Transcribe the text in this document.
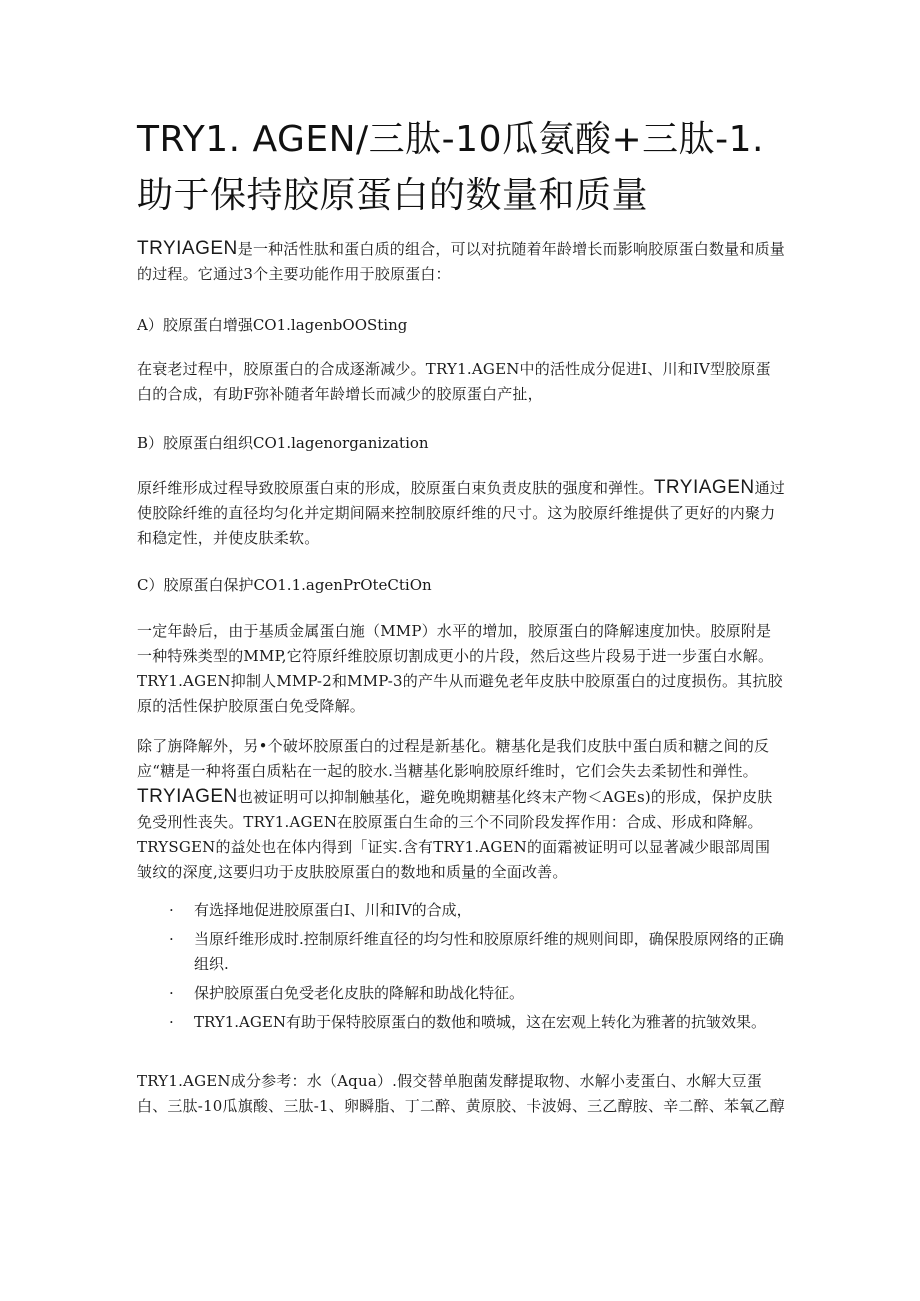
TRY1. AGEN/三肽-10瓜氨酸+三肽-1.助于保持胶原蛋白的数量和质量

TRYIAGEN是一种活性肽和蛋白质的组合，可以对抗随着年龄增长而影响胶原蛋白数量和质量的过程。它通过3个主要功能作用于胶原蛋白：

A）胶原蛋白增强CO1.lagenbOOSting

在衰老过程中，胶原蛋白的合成逐渐减少。TRY1.AGEN中的活性成分促进I、川和IV型胶原蛋白的合成，有助F弥补随者年龄增长而减少的胶原蛋白产扯，

B）胶原蛋白组织CO1.lagenorganization

原纤维形成过程导致胶原蛋白束的形成，胶原蛋白束负责皮肤的强度和弹性。TRYIAGEN通过使胶除纤维的直径均匀化并定期间隔来控制胶原纤维的尺寸。这为胶原纤维提供了更好的内聚力和稳定性，并使皮肤柔软。

C）胶原蛋白保护CO1.1.agenPrOteCtiOn

一定年龄后，由于基质金属蛋白施（MMP）水平的增加，胶原蛋白的降解速度加快。胶原附是一种特殊类型的MMP,它符原纤维胶原切割成更小的片段，然后这些片段易于进一步蛋白水解。TRY1.AGEN抑制人MMP-2和MMP-3的产牛从而避免老年皮肤中胶原蛋白的过度损伤。其抗胶原的活性保护胶原蛋白免受降解。

除了旃降解外，另•个破坏胶原蛋白的过程是新基化。糖基化是我们皮肤中蛋白质和糖之间的反应“糖是一种将蛋白质粘在一起的胶水.当糖基化影响胶原纤维时，它们会失去柔韧性和弹性。TRYIAGEN也被证明可以抑制触基化，避免晚期糖基化终末产物＜AGEs)的形成，保护皮肤免受刑性丧失。TRY1.AGEN在胶原蛋白生命的三个不同阶段发挥作用：合成、形成和降解。TRYSGEN的益处也在体内得到「证实.含有TRY1.AGEN的面霜被证明可以显著减少眼部周围皱纹的深度,这要归功于皮肤胶原蛋白的数地和质量的全面改善。

· 有选择地促进胶原蛋白I、川和IV的合成，
· 当原纤维形成时.控制原纤维直径的均匀性和胶原原纤维的规则间即，确保股原网络的正确组织.
· 保护胶原蛋白免受老化皮肤的降解和助战化特征。
· TRY1.AGEN有助于保特胶原蛋白的数他和喷城，这在宏观上转化为雅著的抗皱效果。

TRY1.AGEN成分参考：水（Aqua）.假交替单胞菌发酵提取物、水解小麦蛋白、水解大豆蛋白、三肽-10瓜旗酸、三肽-1、卵瞬脂、丁二醉、黄原胶、卡波姆、三乙醇胺、辛二醉、苯氧乙醇
